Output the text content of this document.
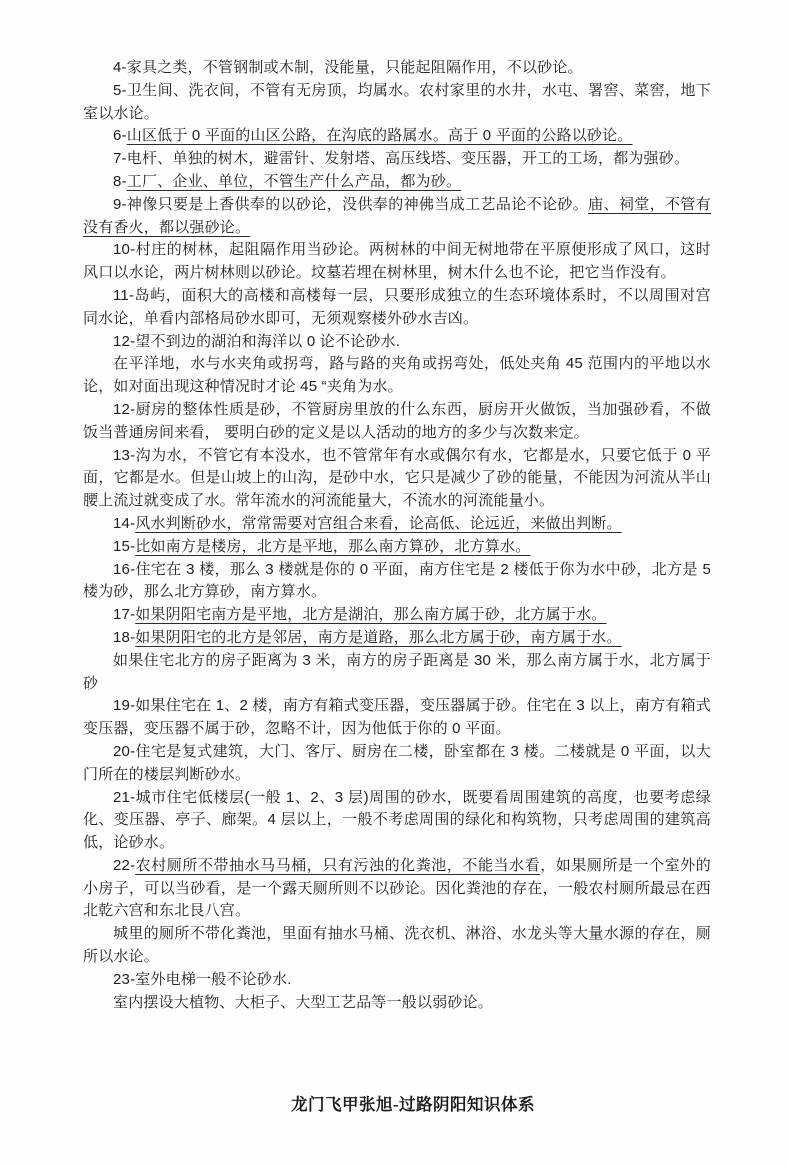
4-家具之类，不管钢制或木制，没能量，只能起阻隔作用，不以砂论。

5-卫生间、洗衣间，不管有无房顶，均属水。农村家里的水井，水屯、署窖、菜窖，地下室以水论。

6-山区低于 0 平面的山区公路，在沟底的路属水。高于 0 平面的公路以砂论。

7-电杆、单独的树木，避雷针、发射塔、高压线塔、变压器，开工的工场，都为强砂。

8-工厂、企业、单位，不管生产什么产品，都为砂。

9-神像只要是上香供奉的以砂论，没供奉的神佛当成工艺品论不论砂。庙、祠堂，不管有没有香火，都以强砂论。

10-村庄的树林，起阻隔作用当砂论。两树林的中间无树地带在平原便形成了风口，这时风口以水论，两片树林则以砂论。坟墓若埋在树林里，树木什么也不论，把它当作没有。

11-岛屿，面积大的高楼和高楼每一层，只要形成独立的生态环境体系时，不以周围对宫同水论，单看内部格局砂水即可，无须观察楼外砂水吉凶。

12-望不到边的湖泊和海洋以 0 论不论砂水.

在平洋地，水与水夹角或拐弯，路与路的夹角或拐弯处，低处夹角 45 范围内的平地以水论，如对面出现这种情况时才论 45 “夹角为水。

12-厨房的整体性质是砂，不管厨房里放的什么东西，厨房开火做饭，当加强砂看，不做饭当普通房间来看， 要明白砂的定义是以人活动的地方的多少与次数来定。

13-沟为水，不管它有本没水，也不管常年有水或偶尔有水，它都是水，只要它低于 0 平面，它都是水。但是山坡上的山沟，是砂中水，它只是减少了砂的能量，不能因为河流从半山腰上流过就变成了水。常年流水的河流能量大，不流水的河流能量小。

14-风水判断砂水，常常需要对宫组合来看，论高低、论远近，来做出判断。

15-比如南方是楼房，北方是平地，那么南方算砂，北方算水。

16-住宅在 3 楼，那么 3 楼就是你的 0 平面，南方住宅是 2 楼低于你为水中砂，北方是 5 楼为砂，那么北方算砂，南方算水。

17-如果阴阳宅南方是平地，北方是湖泊，那么南方属于砂，北方属于水。

18-如果阴阳宅的北方是邻居，南方是道路，那么北方属于砂，南方属于水。

如果住宅北方的房子距离为 3 米，南方的房子距离是 30 米，那么南方属于水，北方属于砂

19-如果住宅在 1、2 楼，南方有箱式变压器，变压器属于砂。住宅在 3 以上，南方有箱式变压器，变压器不属于砂，忽略不计，因为他低于你的 0 平面。

20-住宅是复式建筑，大门、客厅、厨房在二楼，卧室都在 3 楼。二楼就是 0 平面，以大门所在的楼层判断砂水。

21-城市住宅低楼层(一般 1、2、3 层)周围的砂水，既要看周围建筑的高度，也要考虑绿化、变压器、亭子、廊架。4 层以上，一般不考虑周围的绿化和构筑物，只考虑周围的建筑高低，论砂水。

22-农村厕所不带抽水马马桶，只有污浊的化粪池，不能当水看，如果厕所是一个室外的小房子，可以当砂看，是一个露天厕所则不以砂论。因化粪池的存在，一般农村厕所最忌在西北乾六宫和东北艮八宫。

城里的厕所不带化粪池，里面有抽水马桶、洗衣机、淋浴、水龙头等大量水源的存在，厕所以水论。

23-室外电梯一般不论砂水.

室内摆设大植物、大柜子、大型工艺品等一般以弱砂论。

龙门飞甲张旭-过路阴阳知识体系
